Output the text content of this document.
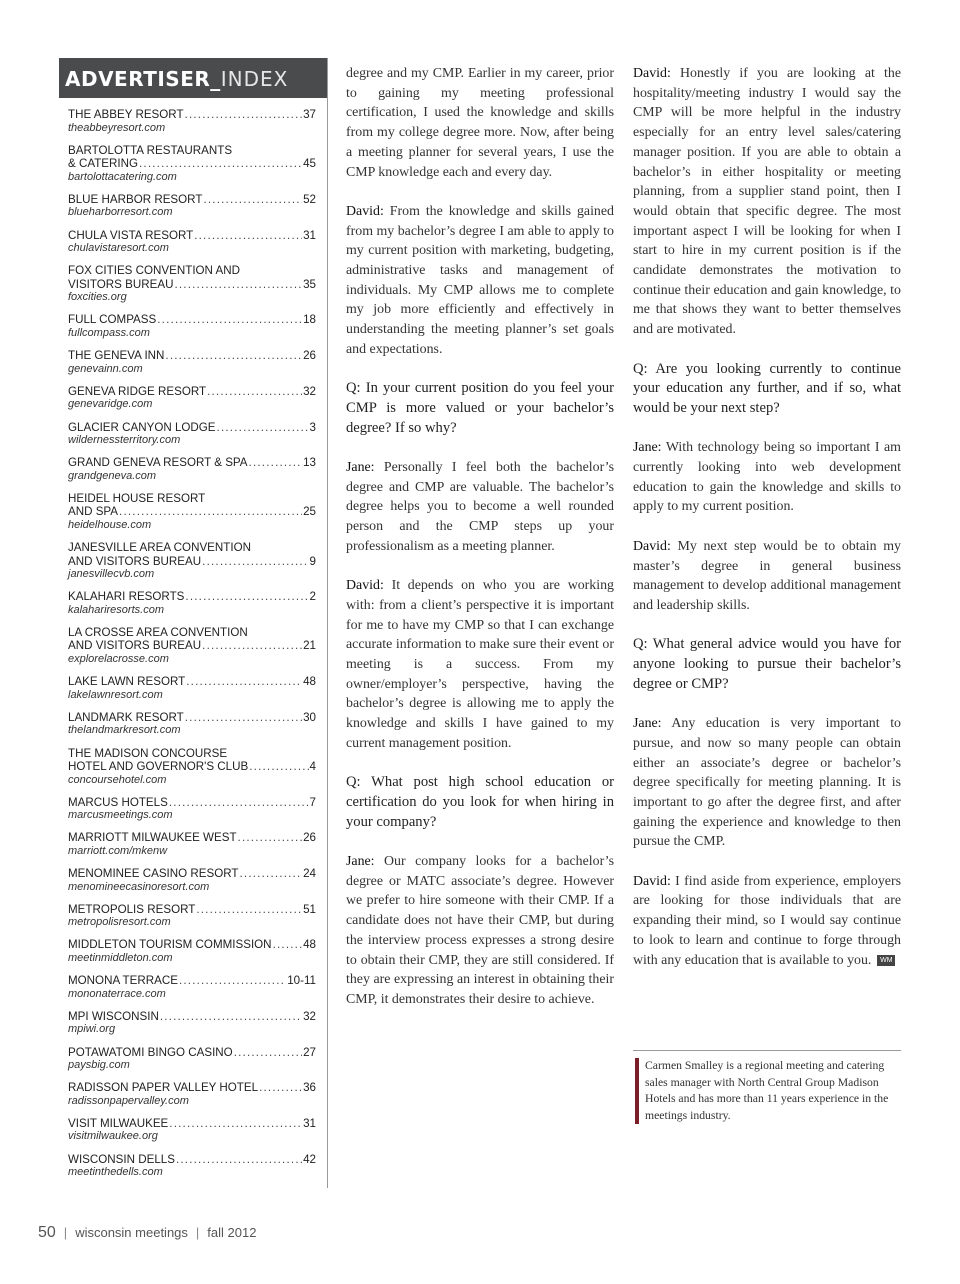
ADVERTISER_INDEX
THE ABBEY RESORT .....	37
theabbeyresort.com
BARTOLOTTA RESTAURANTS
& CATERING .....	45
bartolottacatering.com
BLUE HARBOR RESORT .....	52
blueharborresort.com
CHULA VISTA RESORT .....	31
chulavistaresort.com
FOX CITIES CONVENTION AND
VISITORS BUREAU .....	35
foxcities.org
FULL COMPASS .....	18
fullcompass.com
THE GENEVA INN .....	26
genevainn.com
GENEVA RIDGE RESORT .....	32
genevaridge.com
GLACIER CANYON LODGE .....	3
wildernessterritory.com
GRAND GENEVA RESORT & SPA .....	13
grandgeneva.com
HEIDEL HOUSE RESORT
AND SPA .....	25
heidelhouse.com
JANESVILLE AREA CONVENTION
AND VISITORS BUREAU .....	9
janesvillecvb.com
KALAHARI RESORTS .....	2
kalahariresorts.com
LA CROSSE AREA CONVENTION
AND VISITORS BUREAU .....	21
explorelacrosse.com
LAKE LAWN RESORT .....	48
lakelawnresort.com
LANDMARK RESORT .....	30
thelandmarkresort.com
THE MADISON CONCOURSE
HOTEL AND GOVERNOR'S CLUB .....	4
concoursehotel.com
MARCUS HOTELS .....	7
marcusmeetings.com
MARRIOTT MILWAUKEE WEST .....	26
marriott.com/mkenw
MENOMINEE CASINO RESORT .....	24
menomineecasinoresort.com
METROPOLIS RESORT .....	51
metropolisresort.com
MIDDLETON TOURISM COMMISSION .....	48
meetinmiddleton.com
MONONA TERRACE .....	10-11
mononaterrace.com
MPI WISCONSIN .....	32
mpiwi.org
POTAWATOMI BINGO CASINO .....	27
paysbig.com
RADISSON PAPER VALLEY HOTEL .....	36
radissonpapervalley.com
VISIT MILWAUKEE .....	31
visitmilwaukee.org
WISCONSIN DELLS .....	42
meetinthedells.com

degree and my CMP. Earlier in my career, prior to gaining my meeting professional certification, I used the knowledge and skills from my college degree more. Now, after being a meeting planner for several years, I use the CMP knowledge each and every day.

David: From the knowledge and skills gained from my bachelor’s degree I am able to apply to my current position with marketing, budgeting, administrative tasks and management of individuals. My CMP allows me to complete my job more efficiently and effectively in understanding the meeting planner’s set goals and expectations.

Q: In your current position do you feel your CMP is more valued or your bachelor’s degree? If so why?

Jane: Personally I feel both the bachelor’s degree and CMP are valuable. The bachelor’s degree helps you to become a well rounded person and the CMP steps up your professionalism as a meeting planner.

David: It depends on who you are working with: from a client’s perspective it is important for me to have my CMP so that I can exchange accurate information to make sure their event or meeting is a success. From my owner/employer’s perspective, having the bachelor’s degree is allowing me to apply the knowledge and skills I have gained to my current management position.

Q: What post high school education or certification do you look for when hiring in your company?

Jane: Our company looks for a bachelor’s degree or MATC associate’s degree. However we prefer to hire someone with their CMP. If a candidate does not have their CMP, but during the interview process expresses a strong desire to obtain their CMP, they are still considered. If they are expressing an interest in obtaining their CMP, it demonstrates their desire to achieve.

David: Honestly if you are looking at the hospitality/meeting industry I would say the CMP will be more helpful in the industry especially for an entry level sales/catering manager position. If you are able to obtain a bachelor’s in either hospitality or meeting planning, from a supplier stand point, then I would obtain that specific degree. The most important aspect I will be looking for when I start to hire in my current position is if the candidate demonstrates the motivation to continue their education and gain knowledge, to me that shows they want to better themselves and are motivated.

Q: Are you looking currently to continue your education any further, and if so, what would be your next step?

Jane: With technology being so important I am currently looking into web development education to gain the knowledge and skills to apply to my current position.

David: My next step would be to obtain my master’s degree in general business management to develop additional management and leadership skills.

Q: What general advice would you have for anyone looking to pursue their bachelor’s degree or CMP?

Jane: Any education is very important to pursue, and now so many people can obtain either an associate’s degree or bachelor’s degree specifically for meeting planning. It is important to go after the degree first, and after gaining the experience and knowledge to then pursue the CMP.

David: I find aside from experience, employers are looking for those individuals that are expanding their mind, so I would say continue to look to learn and continue to forge through with any education that is available to you. WM

Carmen Smalley is a regional meeting and catering sales manager with North Central Group Madison Hotels and has more than 11 years experience in the meetings industry.

50 | wisconsin meetings | fall 2012
